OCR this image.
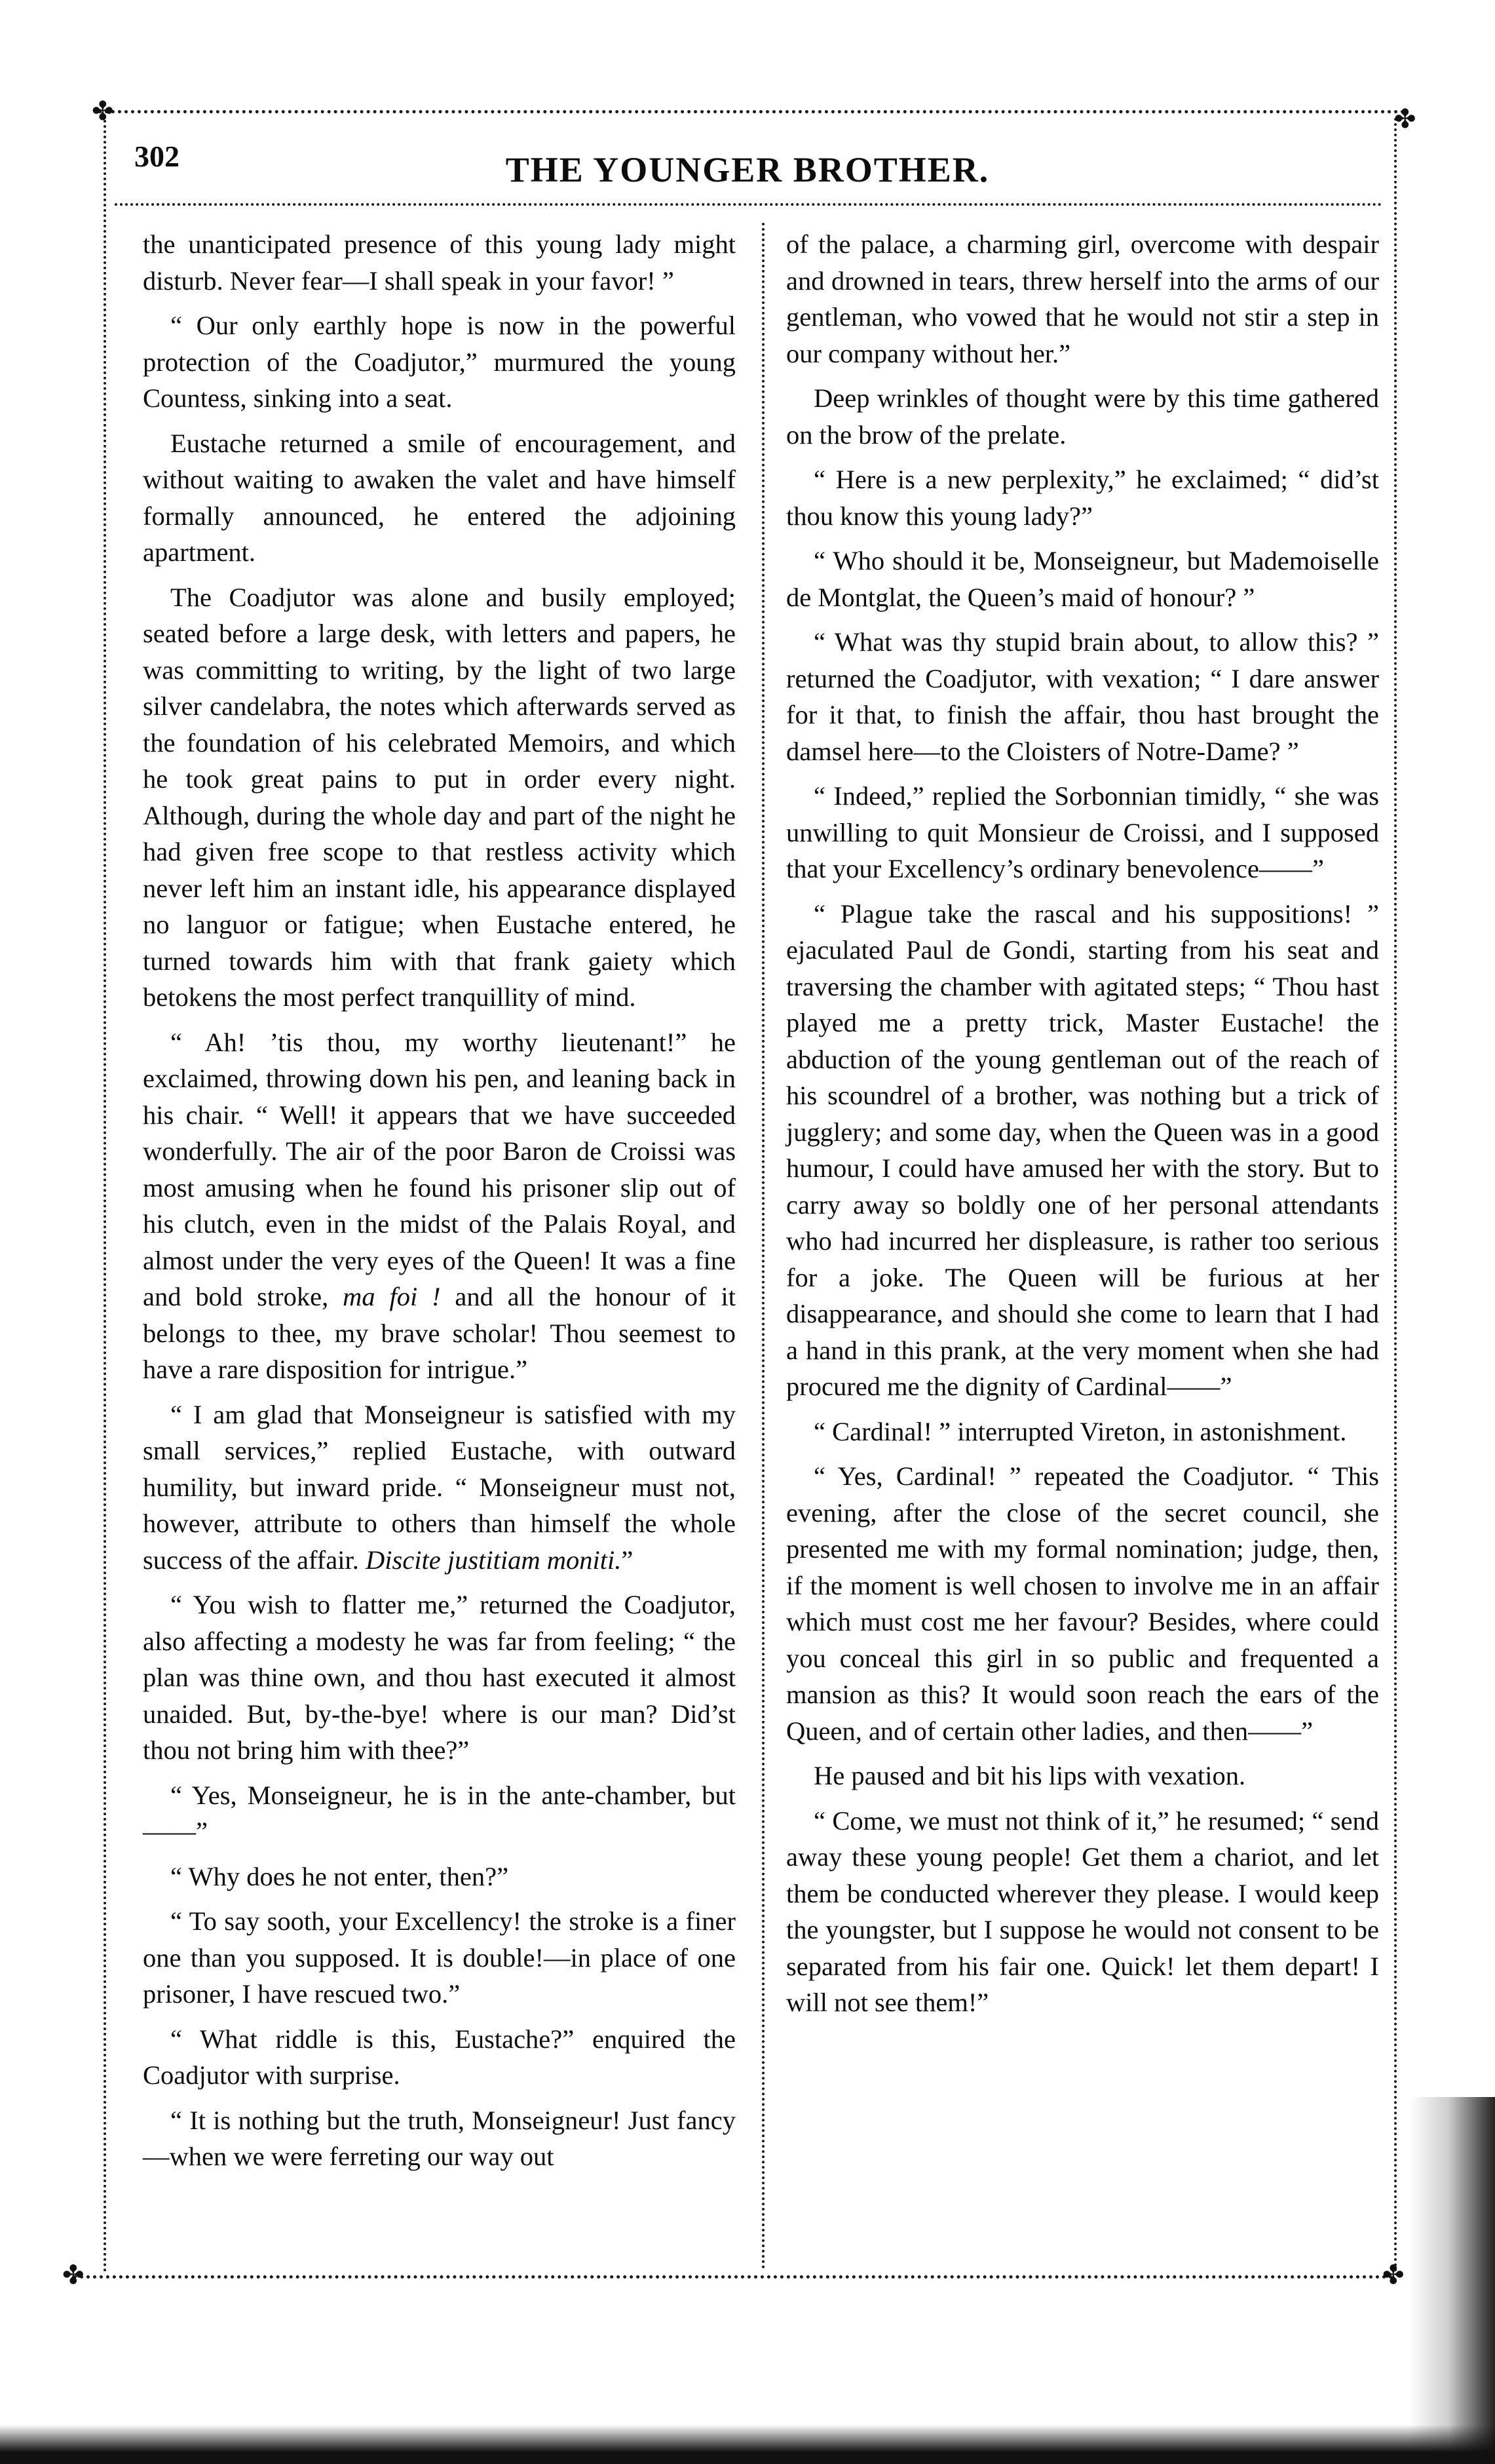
✤	✤
✤	✤
302	THE YOUNGER BROTHER.

the unanticipated presence of this young lady might disturb. Never fear—I shall speak in your favor! ”

“ Our only earthly hope is now in the powerful protection of the Coadjutor,” murmured the young Countess, sinking into a seat.

Eustache returned a smile of encouragement, and without waiting to awaken the valet and have himself formally announced, he entered the adjoining apartment.

The Coadjutor was alone and busily employed; seated before a large desk, with letters and papers, he was committing to writing, by the light of two large silver candelabra, the notes which afterwards served as the foundation of his celebrated Memoirs, and which he took great pains to put in order every night. Although, during the whole day and part of the night he had given free scope to that restless activity which never left him an instant idle, his appearance displayed no languor or fatigue; when Eustache entered, he turned towards him with that frank gaiety which betokens the most perfect tranquillity of mind.

“ Ah! ’tis thou, my worthy lieutenant!” he exclaimed, throwing down his pen, and leaning back in his chair. “ Well! it appears that we have succeeded wonderfully. The air of the poor Baron de Croissi was most amusing when he found his prisoner slip out of his clutch, even in the midst of the Palais Royal, and almost under the very eyes of the Queen! It was a fine and bold stroke, ma foi ! and all the honour of it belongs to thee, my brave scholar! Thou seemest to have a rare disposition for intrigue.”

“ I am glad that Monseigneur is satisfied with my small services,” replied Eustache, with outward humility, but inward pride. “ Monseigneur must not, however, attribute to others than himself the whole success of the affair. Discite justitiam moniti.”

“ You wish to flatter me,” returned the Coadjutor, also affecting a modesty he was far from feeling; “ the plan was thine own, and thou hast executed it almost unaided. But, by-the-bye! where is our man? Did’st thou not bring him with thee?”

“ Yes, Monseigneur, he is in the ante-chamber, but——”

“ Why does he not enter, then?”

“ To say sooth, your Excellency! the stroke is a finer one than you supposed. It is double!—in place of one prisoner, I have rescued two.”

“ What riddle is this, Eustache?” enquired the Coadjutor with surprise.

“ It is nothing but the truth, Monseigneur! Just fancy—when we were ferreting our way out

of the palace, a charming girl, overcome with despair and drowned in tears, threw herself into the arms of our gentleman, who vowed that he would not stir a step in our company without her.”

Deep wrinkles of thought were by this time gathered on the brow of the prelate.

“ Here is a new perplexity,” he exclaimed; “ did’st thou know this young lady?”

“ Who should it be, Monseigneur, but Mademoiselle de Montglat, the Queen’s maid of honour? ”

“ What was thy stupid brain about, to allow this? ” returned the Coadjutor, with vexation; “ I dare answer for it that, to finish the affair, thou hast brought the damsel here—to the Cloisters of Notre-Dame? ”

“ Indeed,” replied the Sorbonnian timidly, “ she was unwilling to quit Monsieur de Croissi, and I supposed that your Excellency’s ordinary benevolence——”

“ Plague take the rascal and his suppositions! ” ejaculated Paul de Gondi, starting from his seat and traversing the chamber with agitated steps; “ Thou hast played me a pretty trick, Master Eustache! the abduction of the young gentleman out of the reach of his scoundrel of a brother, was nothing but a trick of jugglery; and some day, when the Queen was in a good humour, I could have amused her with the story. But to carry away so boldly one of her personal attendants who had incurred her displeasure, is rather too serious for a joke. The Queen will be furious at her disappearance, and should she come to learn that I had a hand in this prank, at the very moment when she had procured me the dignity of Cardinal——”

“ Cardinal! ” interrupted Vireton, in astonishment.

“ Yes, Cardinal! ” repeated the Coadjutor. “ This evening, after the close of the secret council, she presented me with my formal nomination; judge, then, if the moment is well chosen to involve me in an affair which must cost me her favour? Besides, where could you conceal this girl in so public and frequented a mansion as this? It would soon reach the ears of the Queen, and of certain other ladies, and then——”

He paused and bit his lips with vexation.

“ Come, we must not think of it,” he resumed; “ send away these young people! Get them a chariot, and let them be conducted wherever they please. I would keep the youngster, but I suppose he would not consent to be separated from his fair one. Quick! let them depart! I will not see them!”
